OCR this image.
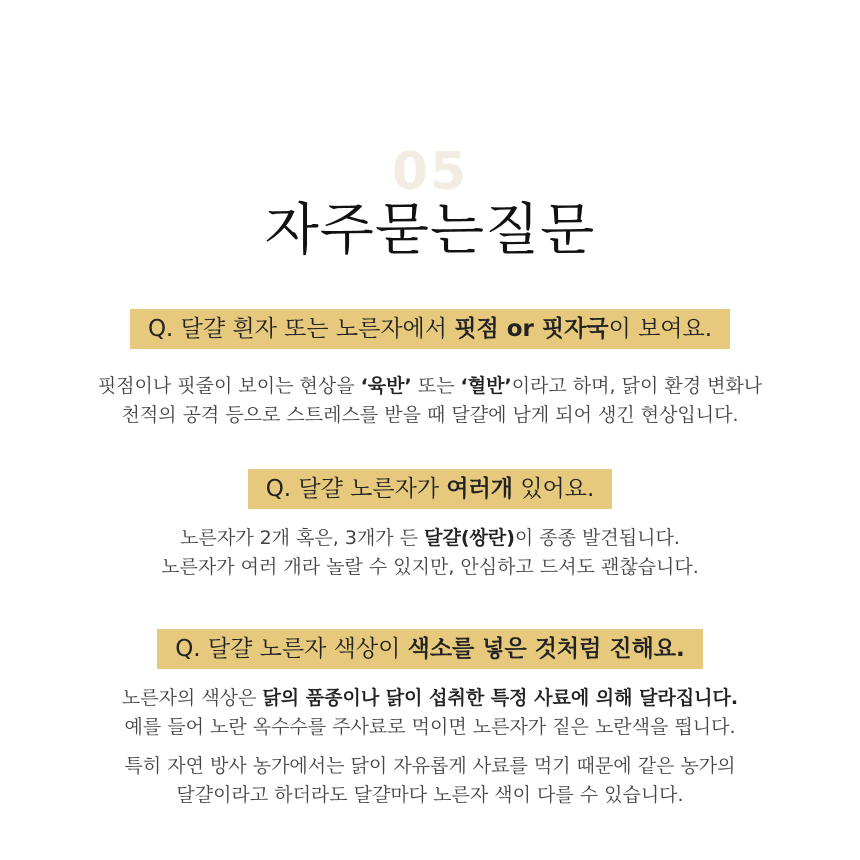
05
자주묻는질문
Q. 달걀 흰자 또는 노른자에서 핏점 or 핏자국이 보여요.

핏점이나 핏줄이 보이는 현상을 ‘육반’ 또는 ‘혈반’이라고 하며, 닭이 환경 변화나

천적의 공격 등으로 스트레스를 받을 때 달걀에 남게 되어 생긴 현상입니다.

Q. 달걀 노른자가 여러개 있어요.

노른자가 2개 혹은, 3개가 든 달걀(쌍란)이 종종 발견됩니다.

노른자가 여러 개라 놀랄 수 있지만, 안심하고 드셔도 괜찮습니다.

Q. 달걀 노른자 색상이 색소를 넣은 것처럼 진해요.

노른자의 색상은 닭의 품종이나 닭이 섭취한 특정 사료에 의해 달라집니다.

예를 들어 노란 옥수수를 주사료로 먹이면 노른자가 짙은 노란색을 띕니다.

특히 자연 방사 농가에서는 닭이 자유롭게 사료를 먹기 때문에 같은 농가의

달걀이라고 하더라도 달걀마다 노른자 색이 다를 수 있습니다.
